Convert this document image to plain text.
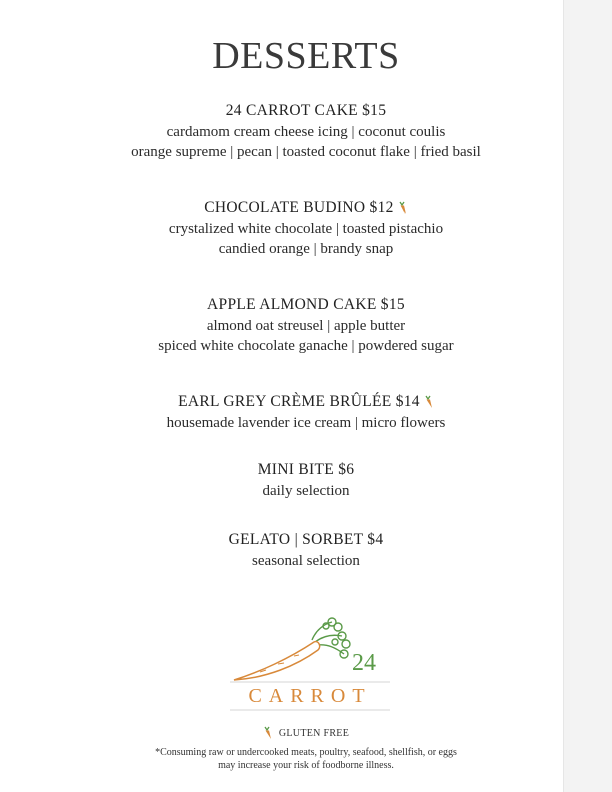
DESSERTS
24 CARROT CAKE $15
cardamom cream cheese icing | coconut coulis
orange supreme | pecan | toasted coconut flake | fried basil
CHOCOLATE BUDINO $12
crystalized white chocolate | toasted pistachio
candied orange | brandy snap
APPLE ALMOND CAKE $15
almond oat streusel | apple butter
spiced white chocolate ganache | powdered sugar
EARL GREY CRÈME BRÛLÉE $14
housemade lavender ice cream | micro flowers
MINI BITE $6
daily selection
GELATO | SORBET $4
seasonal selection
24
CARROT
GLUTEN FREE
*Consuming raw or undercooked meats, poultry, seafood, shellfish, or eggs
may increase your risk of foodborne illness.
